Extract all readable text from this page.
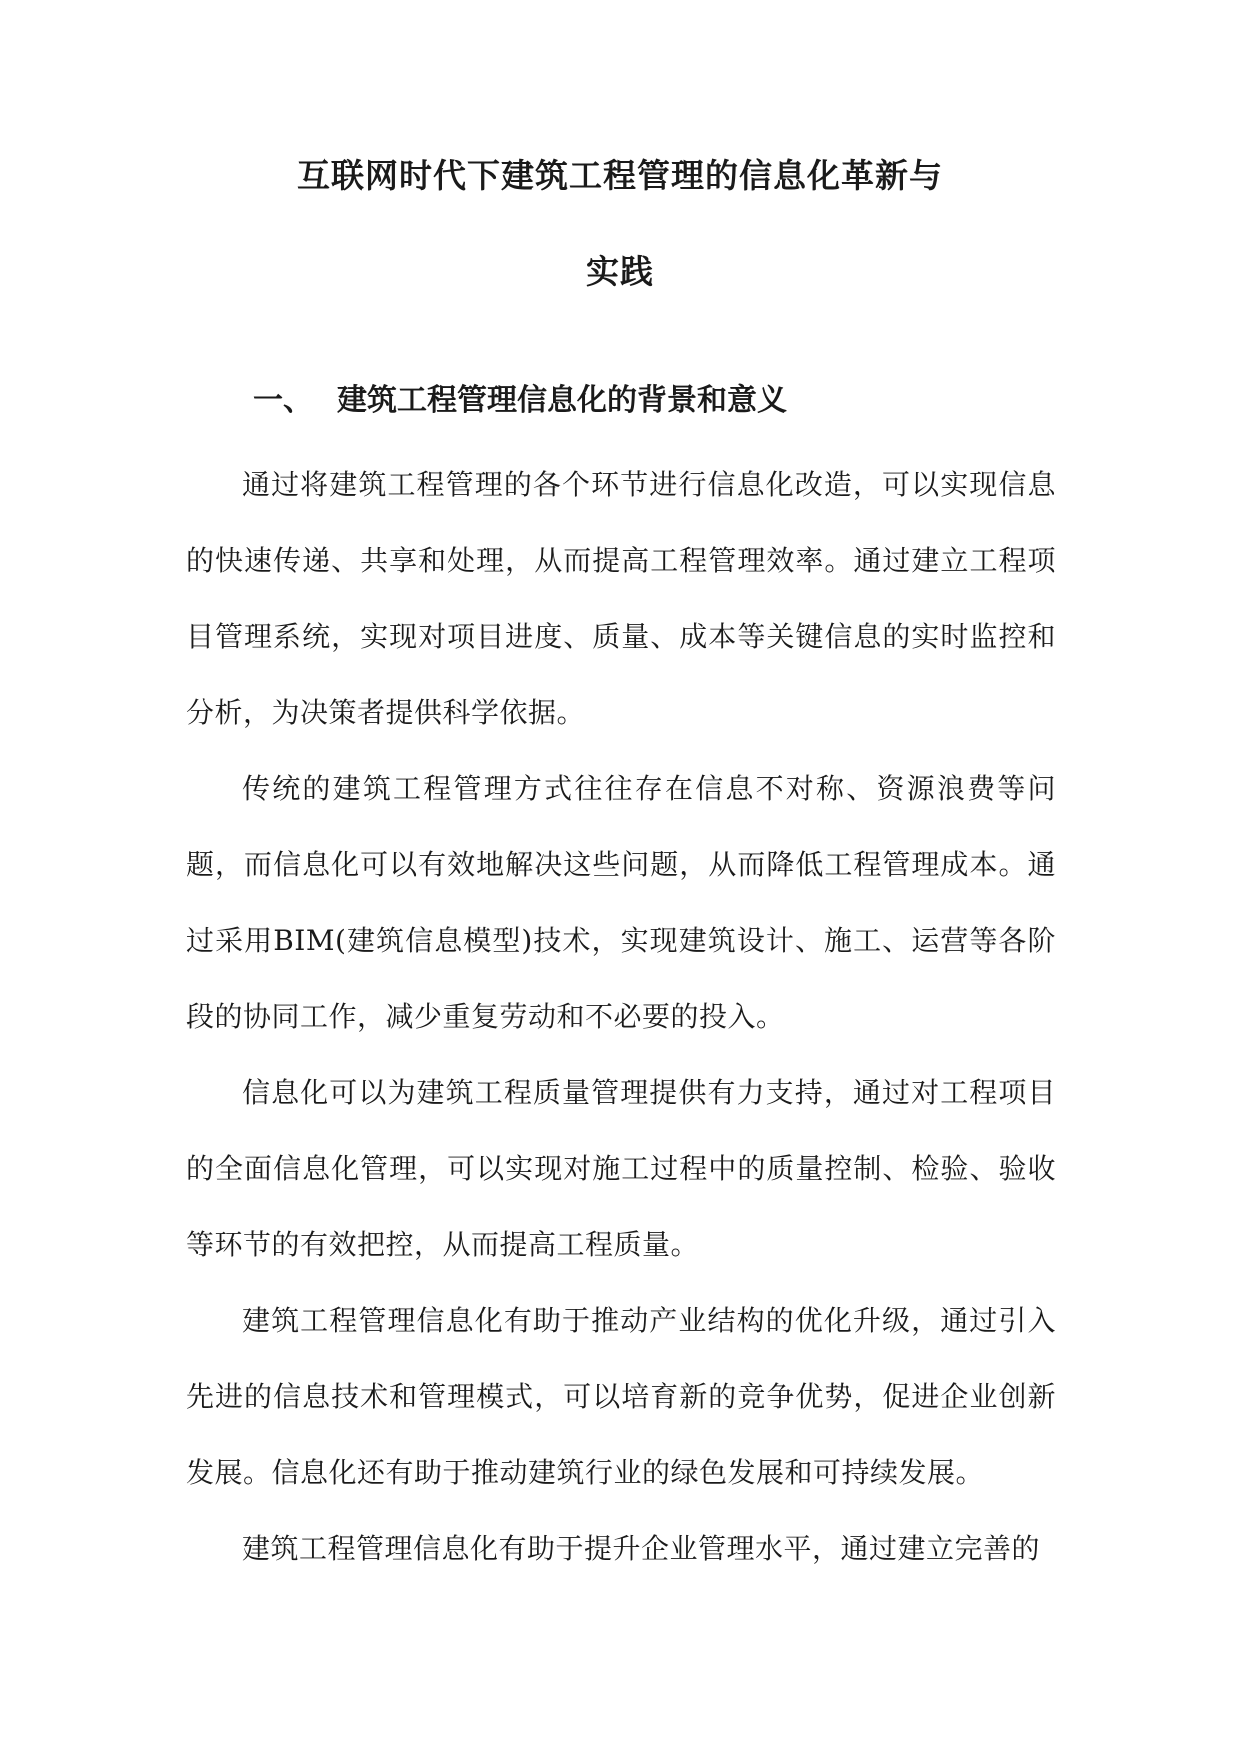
互联网时代下建筑工程管理的信息化革新与
实践
一、 建筑工程管理信息化的背景和意义

通过将建筑工程管理的各个环节进行信息化改造，可以实现信息的快速传递、共享和处理，从而提高工程管理效率。通过建立工程项目管理系统，实现对项目进度、质量、成本等关键信息的实时监控和分析，为决策者提供科学依据。

传统的建筑工程管理方式往往存在信息不对称、资源浪费等问题，而信息化可以有效地解决这些问题，从而降低工程管理成本。通过采用BIM(建筑信息模型)技术，实现建筑设计、施工、运营等各阶段的协同工作，减少重复劳动和不必要的投入。

信息化可以为建筑工程质量管理提供有力支持，通过对工程项目的全面信息化管理，可以实现对施工过程中的质量控制、检验、验收等环节的有效把控，从而提高工程质量。

建筑工程管理信息化有助于推动产业结构的优化升级，通过引入先进的信息技术和管理模式，可以培育新的竞争优势，促进企业创新发展。信息化还有助于推动建筑行业的绿色发展和可持续发展。

建筑工程管理信息化有助于提升企业管理水平，通过建立完善的
